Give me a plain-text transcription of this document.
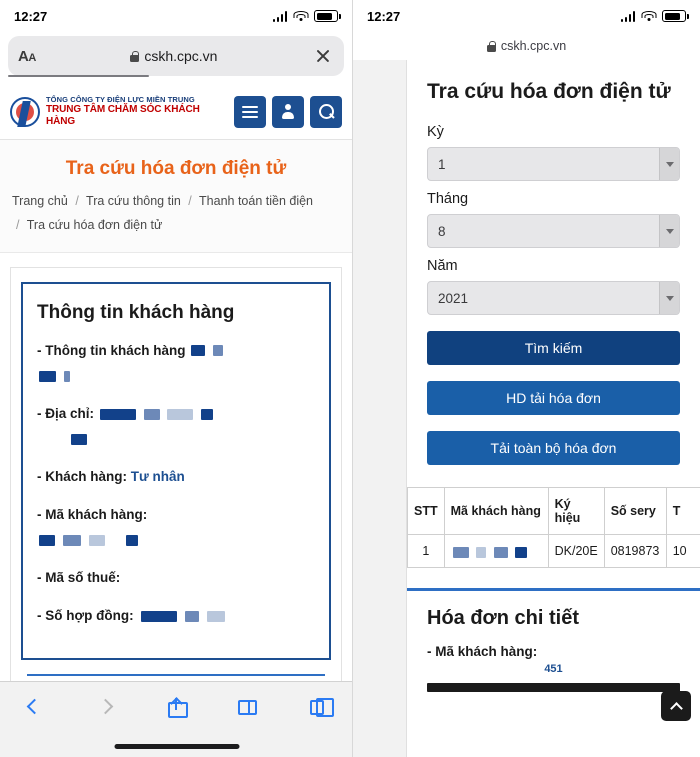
12:27
AA	cskh.cpc.vn
TỔNG CÔNG TY ĐIỆN LỰC MIỀN TRUNG
TRUNG TÂM CHĂM SÓC KHÁCH HÀNG
Tra cứu hóa đơn điện tử
Trang chủ / Tra cứu thông tin / Thanh toán tiền điện
/ Tra cứu hóa đơn điện tử
Thông tin khách hàng
- Thông tin khách hàng

- Địa chỉ:

- Khách hàng: Tư nhân
- Mã khách hàng:

- Mã số thuế:
- Số hợp đồng:
12:27
cskh.cpc.vn
Tra cứu hóa đơn điện tử
Kỳ
1
Tháng
8
Năm
2021
Tìm kiếm
HD tải hóa đơn
Tải toàn bộ hóa đơn
STT	Mã khách hàng	Ký hiệu	Số sery	T
1		DK/20E	0819873	10
Hóa đơn chi tiết
- Mã khách hàng:
451
